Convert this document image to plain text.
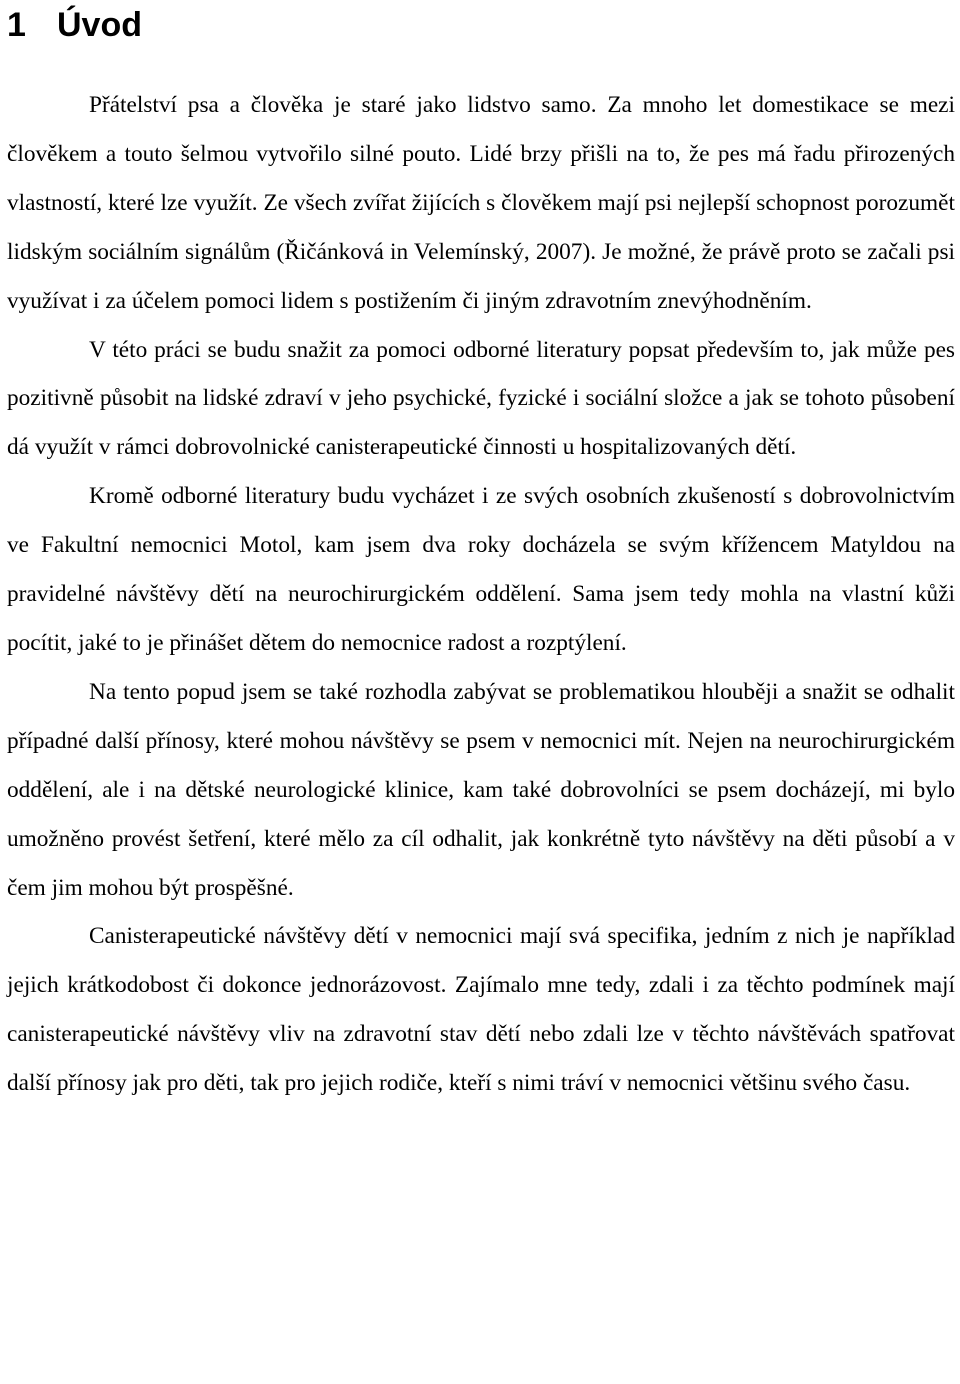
1 Úvod

Přátelství psa a člověka je staré jako lidstvo samo. Za mnoho let domestikace se mezi člověkem a touto šelmou vytvořilo silné pouto. Lidé brzy přišli na to, že pes má řadu přirozených vlastností, které lze využít. Ze všech zvířat žijících s člověkem mají psi nejlepší schopnost porozumět lidským sociálním signálům (Řičánková in Velemínský, 2007). Je možné, že právě proto se začali psi využívat i za účelem pomoci lidem s postižením či jiným zdravotním znevýhodněním.

V této práci se budu snažit za pomoci odborné literatury popsat především to, jak může pes pozitivně působit na lidské zdraví v jeho psychické, fyzické i sociální složce a jak se tohoto působení dá využít v rámci dobrovolnické canisterapeutické činnosti u hospitalizovaných dětí.

Kromě odborné literatury budu vycházet i ze svých osobních zkušeností s dobrovolnictvím ve Fakultní nemocnici Motol, kam jsem dva roky docházela se svým křížencem Matyldou na pravidelné návštěvy dětí na neurochirurgickém oddělení. Sama jsem tedy mohla na vlastní kůži pocítit, jaké to je přinášet dětem do nemocnice radost a rozptýlení.

Na tento popud jsem se také rozhodla zabývat se problematikou hlouběji a snažit se odhalit případné další přínosy, které mohou návštěvy se psem v nemocnici mít. Nejen na neurochirurgickém oddělení, ale i na dětské neurologické klinice, kam také dobrovolníci se psem docházejí, mi bylo umožněno provést šetření, které mělo za cíl odhalit, jak konkrétně tyto návštěvy na děti působí a v čem jim mohou být prospěšné.

Canisterapeutické návštěvy dětí v nemocnici mají svá specifika, jedním z nich je například jejich krátkodobost či dokonce jednorázovost. Zajímalo mne tedy, zdali i za těchto podmínek mají canisterapeutické návštěvy vliv na zdravotní stav dětí nebo zdali lze v těchto návštěvách spatřovat další přínosy jak pro děti, tak pro jejich rodiče, kteří s nimi tráví v nemocnici většinu svého času.
